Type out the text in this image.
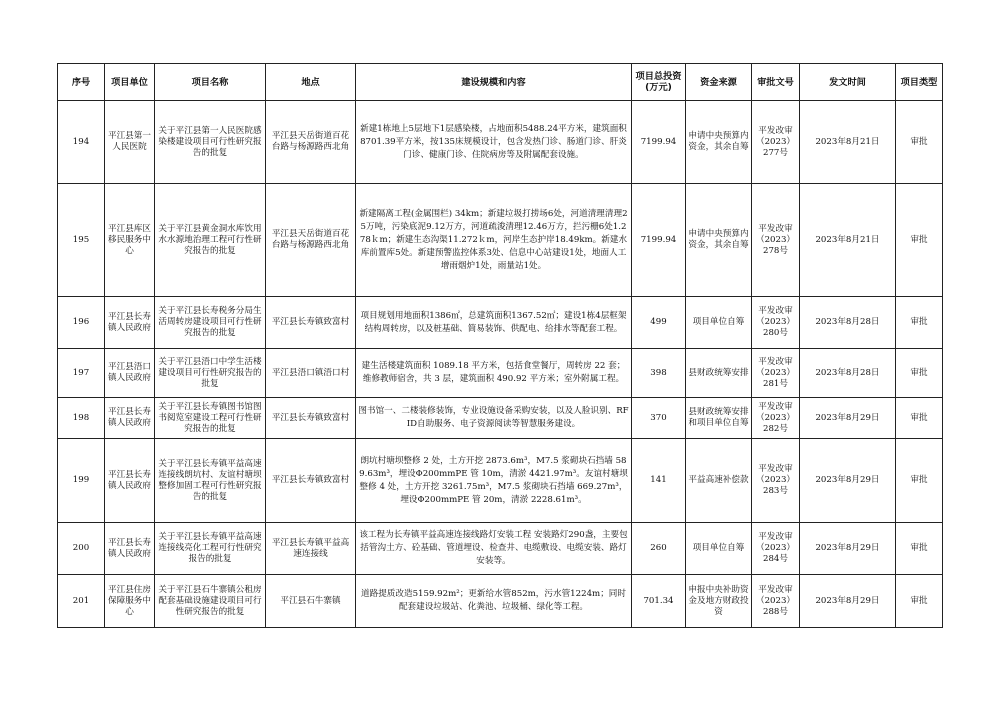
序号	项目单位	项目名称	地点	建设规模和内容	项目总投资(万元)	资金来源	审批文号	发文时间	项目类型
194	平江县第一人民医院	关于平江县第一人民医院感染楼建设项目可行性研究报告的批复	平江县天岳街道百花台路与杨源路西北角	新建1栋地上5层地下1层感染楼，占地面积5488.24平方米，建筑面积8701.39平方米，按135床规模设计，包含发热门诊、肠道门诊、肝炎门诊、健康门诊、住院病房等及附属配套设施。	7199.94	申请中央预算内资金，其余自筹	平发改审（2023）277号	2023年8月21日	审批
195	平江县库区移民服务中心	关于平江县黄金洞水库饮用水水源地治理工程可行性研究报告的批复	平江县天岳街道百花台路与杨源路西北角	新建隔离工程(金属围栏) 34km；新建垃圾打捞场6处，河道清理清理25万吨，污染底泥9.12万方，河道疏浚清理12.46万方，拦污栅6处1.278ｋm；新建生态沟渠11.272ｋm，河岸生态护岸18.49km。新建水库前置库5处。新建预警监控体系3处、信息中心站建设1处，地面人工增雨烟炉1处，雨量站1处。	7199.94	申请中央预算内资金，其余自筹	平发改审（2023）278号	2023年8月21日	审批
196	平江县长寿镇人民政府	关于平江县长寿税务分局生活周转房建设项目可行性研究报告的批复	平江县长寿镇致富村	项目规划用地面积1386㎡，总建筑面积1367.52㎡；建设1栋4层框架结构周转房，以及桩基础、简易装饰、供配电、给排水等配套工程。	499	项目单位自筹	平发改审（2023）280号	2023年8月28日	审批
197	平江县浯口镇人民政府	关于平江县浯口中学生活楼建设项目可行性研究报告的批复	平江县浯口镇浯口村	建生活楼建筑面积 1089.18 平方米，包括食堂餐厅，周转房 22 套；维修教师宿舍，共 3 层，建筑面积 490.92 平方米；室外附属工程。	398	县财政统筹安排	平发改审（2023）281号	2023年8月28日	审批
198	平江县长寿镇人民政府	关于平江县长寿镇图书馆图书阅览室建设工程可行性研究报告的批复	平江县长寿镇致富村	图书馆一、二楼装修装饰，专业设施设备采购安装，以及人脸识别、RFID自助服务、电子资源阅读等智慧服务建设。	370	县财政统筹安排和项目单位自筹	平发改审（2023）282号	2023年8月29日	审批
199	平江县长寿镇人民政府	关于平江县长寿镇平益高速连接线朗坑村、友谊村塘坝整修加固工程可行性研究报告的批复	平江县长寿镇致富村	朗坑村塘坝整修 2 处，土方开挖 2873.6m³，M7.5 浆砌块石挡墙 589.63m³，埋设Φ200mmPE 管 10m，清淤 4421.97m³。友谊村塘坝整修 4 处，土方开挖 3261.75m³，M7.5 浆砌块石挡墙 669.27m³，埋设Φ200mmPE 管 20m，清淤 2228.61m³。	141	平益高速补偿款	平发改审（2023）283号	2023年8月29日	审批
200	平江县长寿镇人民政府	关于平江县长寿镇平益高速连接线亮化工程可行性研究报告的批复	平江县长寿镇平益高速连接线	该工程为长寿镇平益高速连接线路灯安装工程 安装路灯290盏，主要包括管沟土方、砼基础、管道埋设、检查井、电缆敷设、电缆安装、路灯安装等。	260	项目单位自筹	平发改审（2023）284号	2023年8月29日	审批
201	平江县住房保障服务中心	关于平江县石牛寨镇公租房配套基础设施建设项目可行性研究报告的批复	平江县石牛寨镇	道路提质改造5159.92m²；更新给水管852m，污水管1224m；同时配套建设垃圾站、化粪池、垃圾桶、绿化等工程。	701.34	申报中央补助资金及地方财政投资	平发改审（2023）288号	2023年8月29日	审批
